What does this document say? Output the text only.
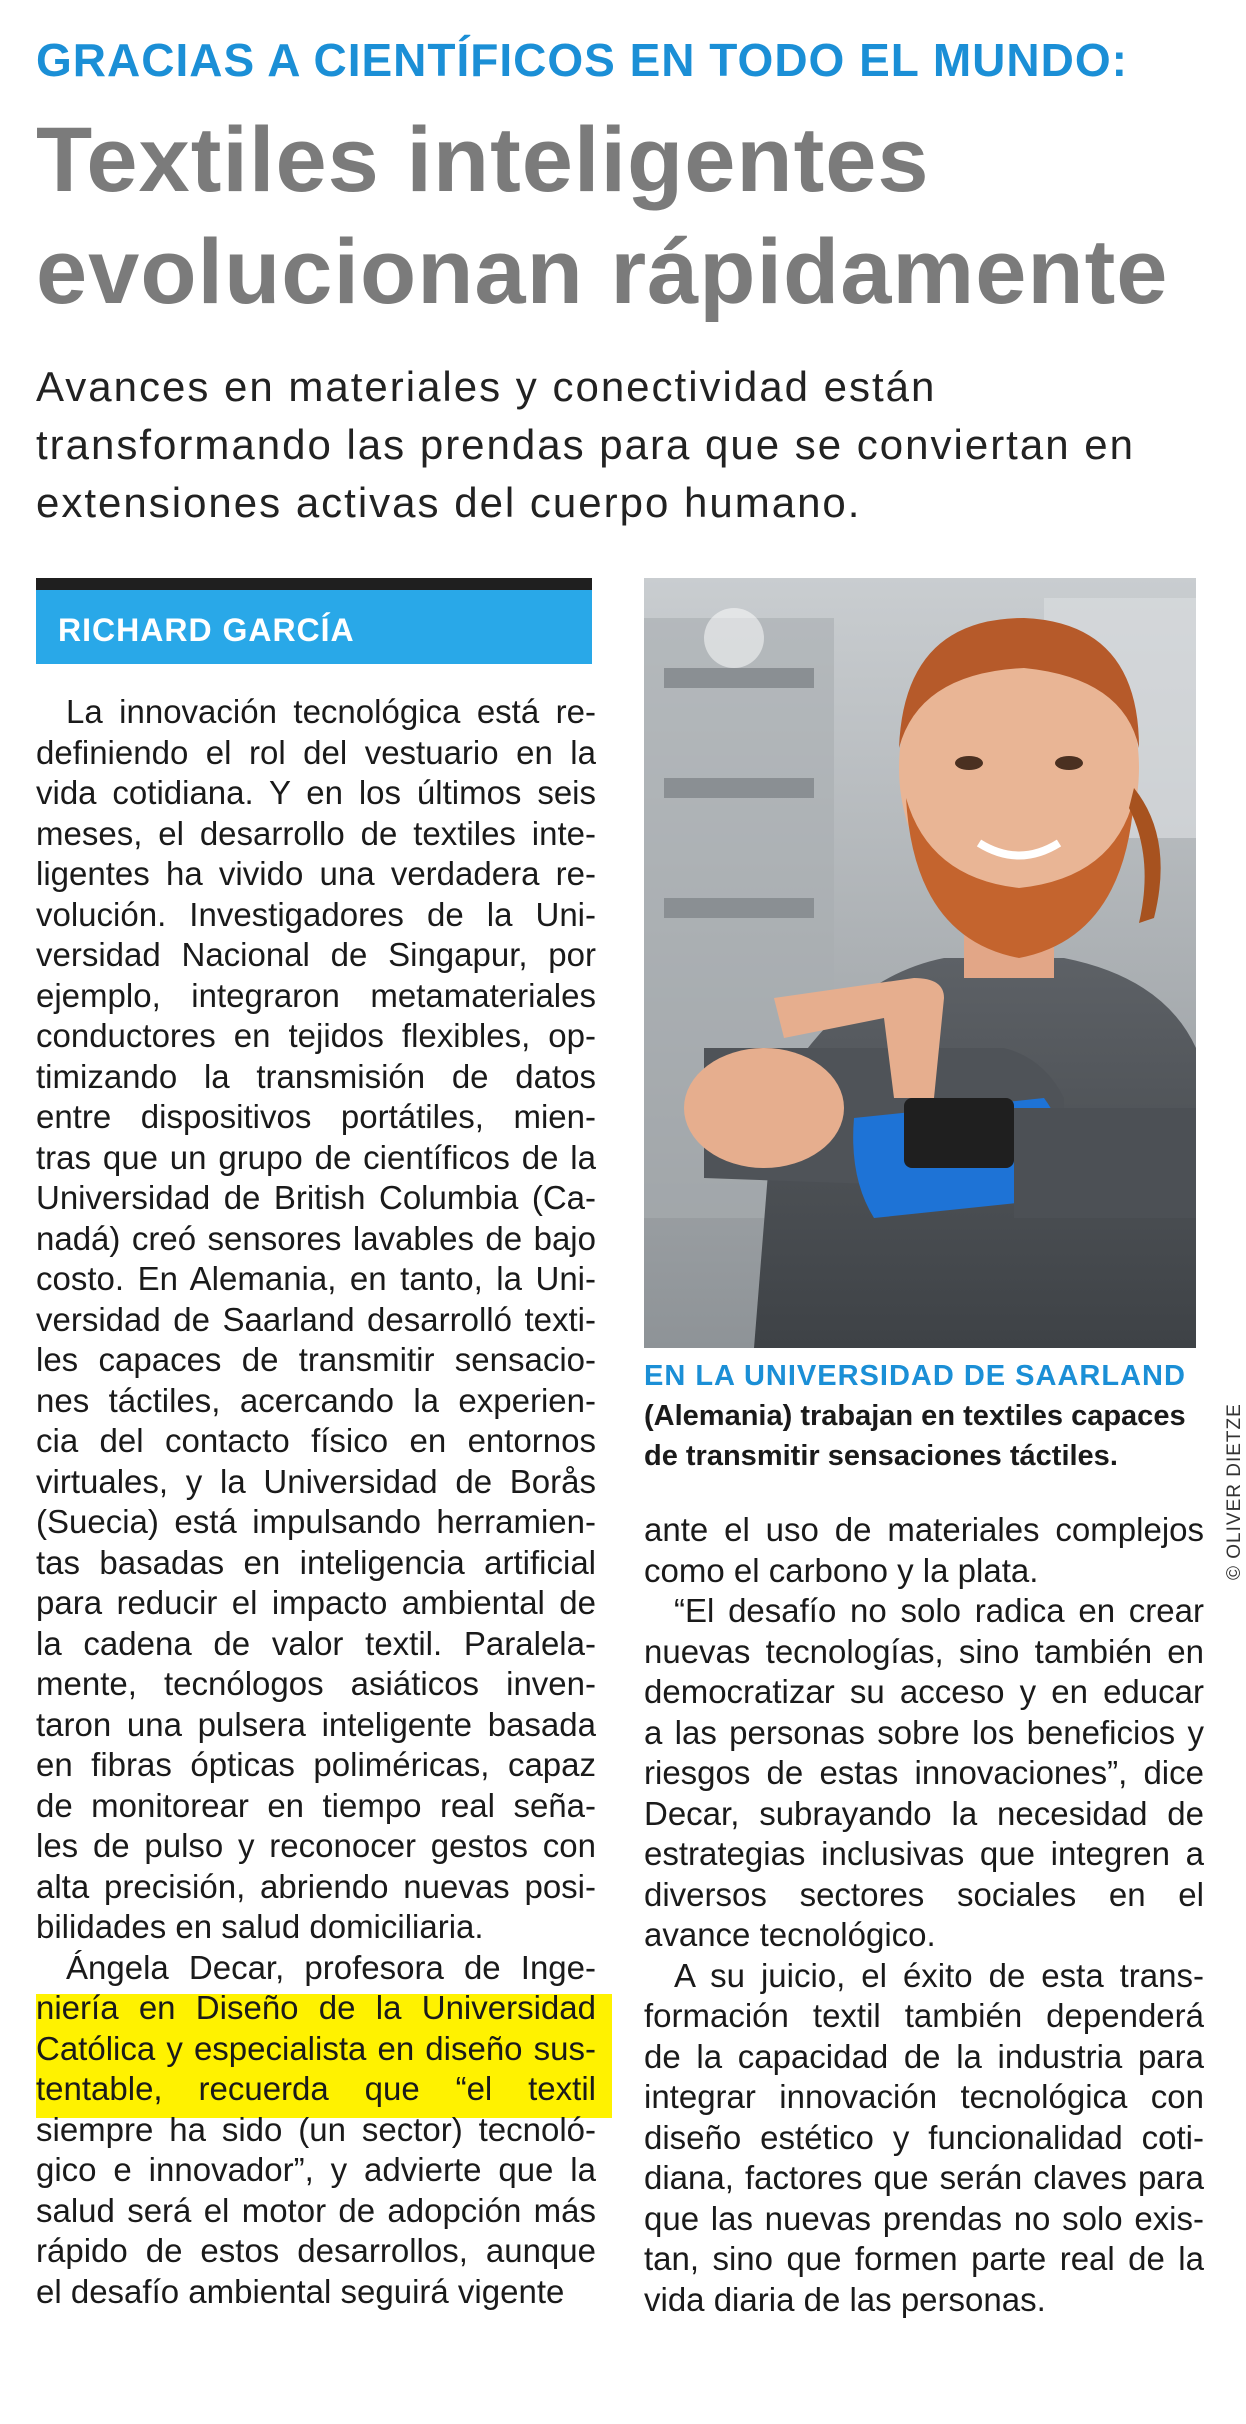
GRACIAS A CIENTÍFICOS EN TODO EL MUNDO:
Textiles inteligentes
evolucionan rápidamente
Avances en materiales y conectividad están
transformando las prendas para que se conviertan en
extensiones activas del cuerpo humano.
RICHARD GARCÍA
La innovación tecnológica está re-
definiendo el rol del vestuario en la
vida cotidiana. Y en los últimos seis
meses, el desarrollo de textiles inte-
ligentes ha vivido una verdadera re-
volución. Investigadores de la Uni-
versidad Nacional de Singapur, por
ejemplo, integraron metamateriales
conductores en tejidos flexibles, op-
timizando la transmisión de datos
entre dispositivos portátiles, mien-
tras que un grupo de científicos de la
Universidad de British Columbia (Ca-
nadá) creó sensores lavables de bajo
costo. En Alemania, en tanto, la Uni-
versidad de Saarland desarrolló texti-
les capaces de transmitir sensacio-
nes táctiles, acercando la experien-
cia del contacto físico en entornos
virtuales, y la Universidad de Borås
(Suecia) está impulsando herramien-
tas basadas en inteligencia artificial
para reducir el impacto ambiental de
la cadena de valor textil. Paralela-
mente, tecnólogos asiáticos inven-
taron una pulsera inteligente basada
en fibras ópticas poliméricas, capaz
de monitorear en tiempo real seña-
les de pulso y reconocer gestos con
alta precisión, abriendo nuevas posi-
bilidades en salud domiciliaria.
Ángela Decar, profesora de Inge-
niería en Diseño de la Universidad
Católica y especialista en diseño sus-
tentable, recuerda que “el textil
siempre ha sido (un sector) tecnoló-
gico e innovador”, y advierte que la
salud será el motor de adopción más
rápido de estos desarrollos, aunque
el desafío ambiental seguirá vigente
© OLIVER DIETZE
EN LA UNIVERSIDAD DE SAARLAND
(Alemania) trabajan en textiles capaces
de transmitir sensaciones táctiles.
ante el uso de materiales complejos
como el carbono y la plata.
“El desafío no solo radica en crear
nuevas tecnologías, sino también en
democratizar su acceso y en educar
a las personas sobre los beneficios y
riesgos de estas innovaciones”, dice
Decar, subrayando la necesidad de
estrategias inclusivas que integren a
diversos sectores sociales en el
avance tecnológico.
A su juicio, el éxito de esta trans-
formación textil también dependerá
de la capacidad de la industria para
integrar innovación tecnológica con
diseño estético y funcionalidad coti-
diana, factores que serán claves para
que las nuevas prendas no solo exis-
tan, sino que formen parte real de la
vida diaria de las personas.
